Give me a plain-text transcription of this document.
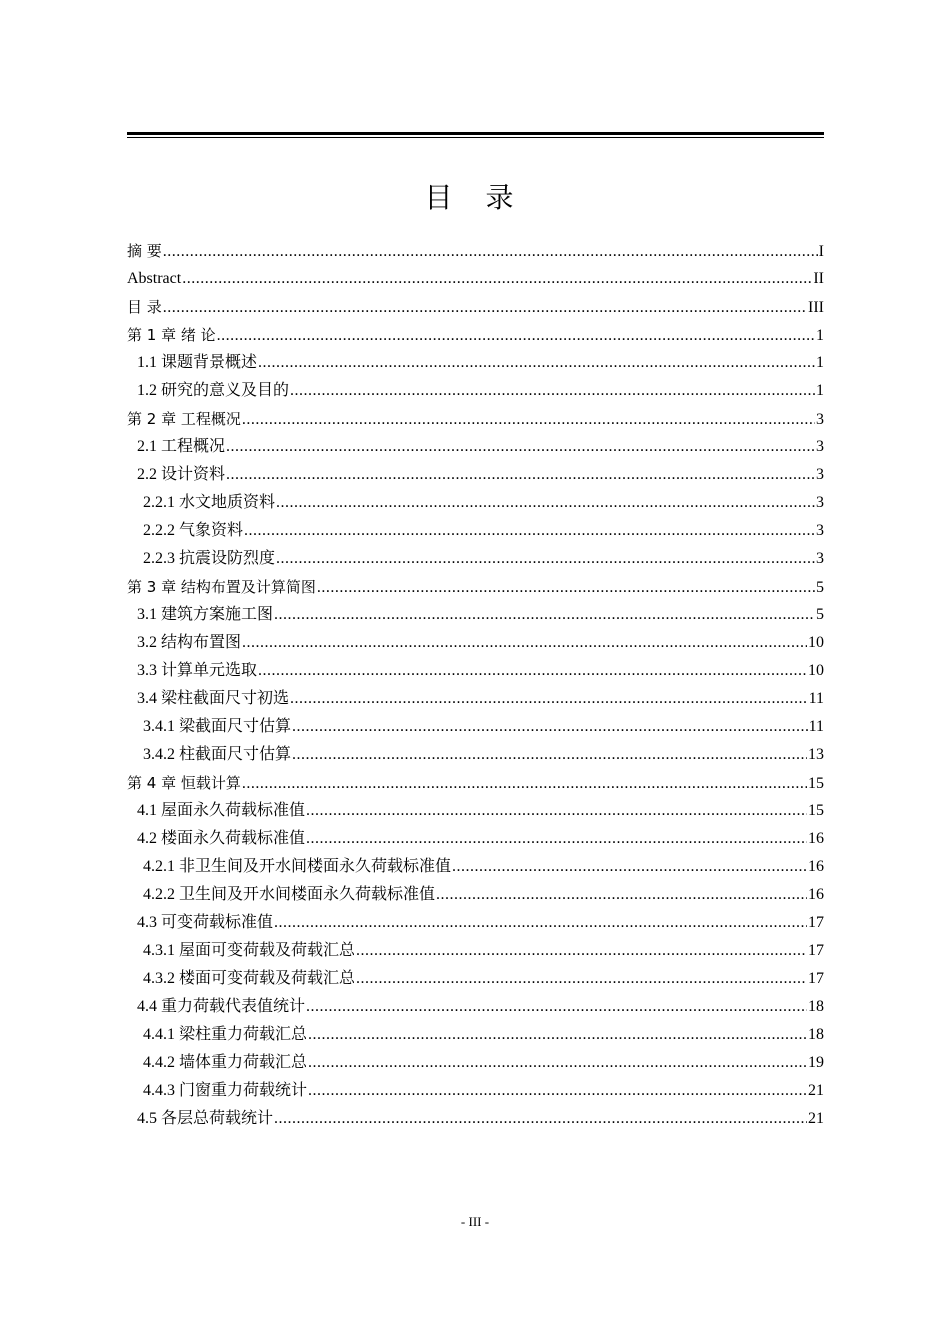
目 录
摘 要 .....	I
Abstract .....	II
目 录 .....	III
第 1 章 绪 论 .....	1
1.1 课题背景概述 .....	1
1.2 研究的意义及目的 .....	1
第 2 章 工程概况 .....	3
2.1 工程概况 .....	3
2.2 设计资料 .....	3
2.2.1 水文地质资料 .....	3
2.2.2 气象资料 .....	3
2.2.3 抗震设防烈度 .....	3
第 3 章 结构布置及计算简图 .....	5
3.1 建筑方案施工图 .....	5
3.2 结构布置图 .....	10
3.3 计算单元选取 .....	10
3.4 梁柱截面尺寸初选 .....	11
3.4.1 梁截面尺寸估算 .....	11
3.4.2 柱截面尺寸估算 .....	13
第 4 章 恒载计算 .....	15
4.1 屋面永久荷载标准值 .....	15
4.2 楼面永久荷载标准值 .....	16
4.2.1 非卫生间及开水间楼面永久荷载标准值 .....	16
4.2.2 卫生间及开水间楼面永久荷载标准值 .....	16
4.3 可变荷载标准值 .....	17
4.3.1 屋面可变荷载及荷载汇总 .....	17
4.3.2 楼面可变荷载及荷载汇总 .....	17
4.4 重力荷载代表值统计 .....	18
4.4.1 梁柱重力荷载汇总 .....	18
4.4.2 墙体重力荷载汇总 .....	19
4.4.3 门窗重力荷载统计 .....	21
4.5 各层总荷载统计 .....	21
- III -
